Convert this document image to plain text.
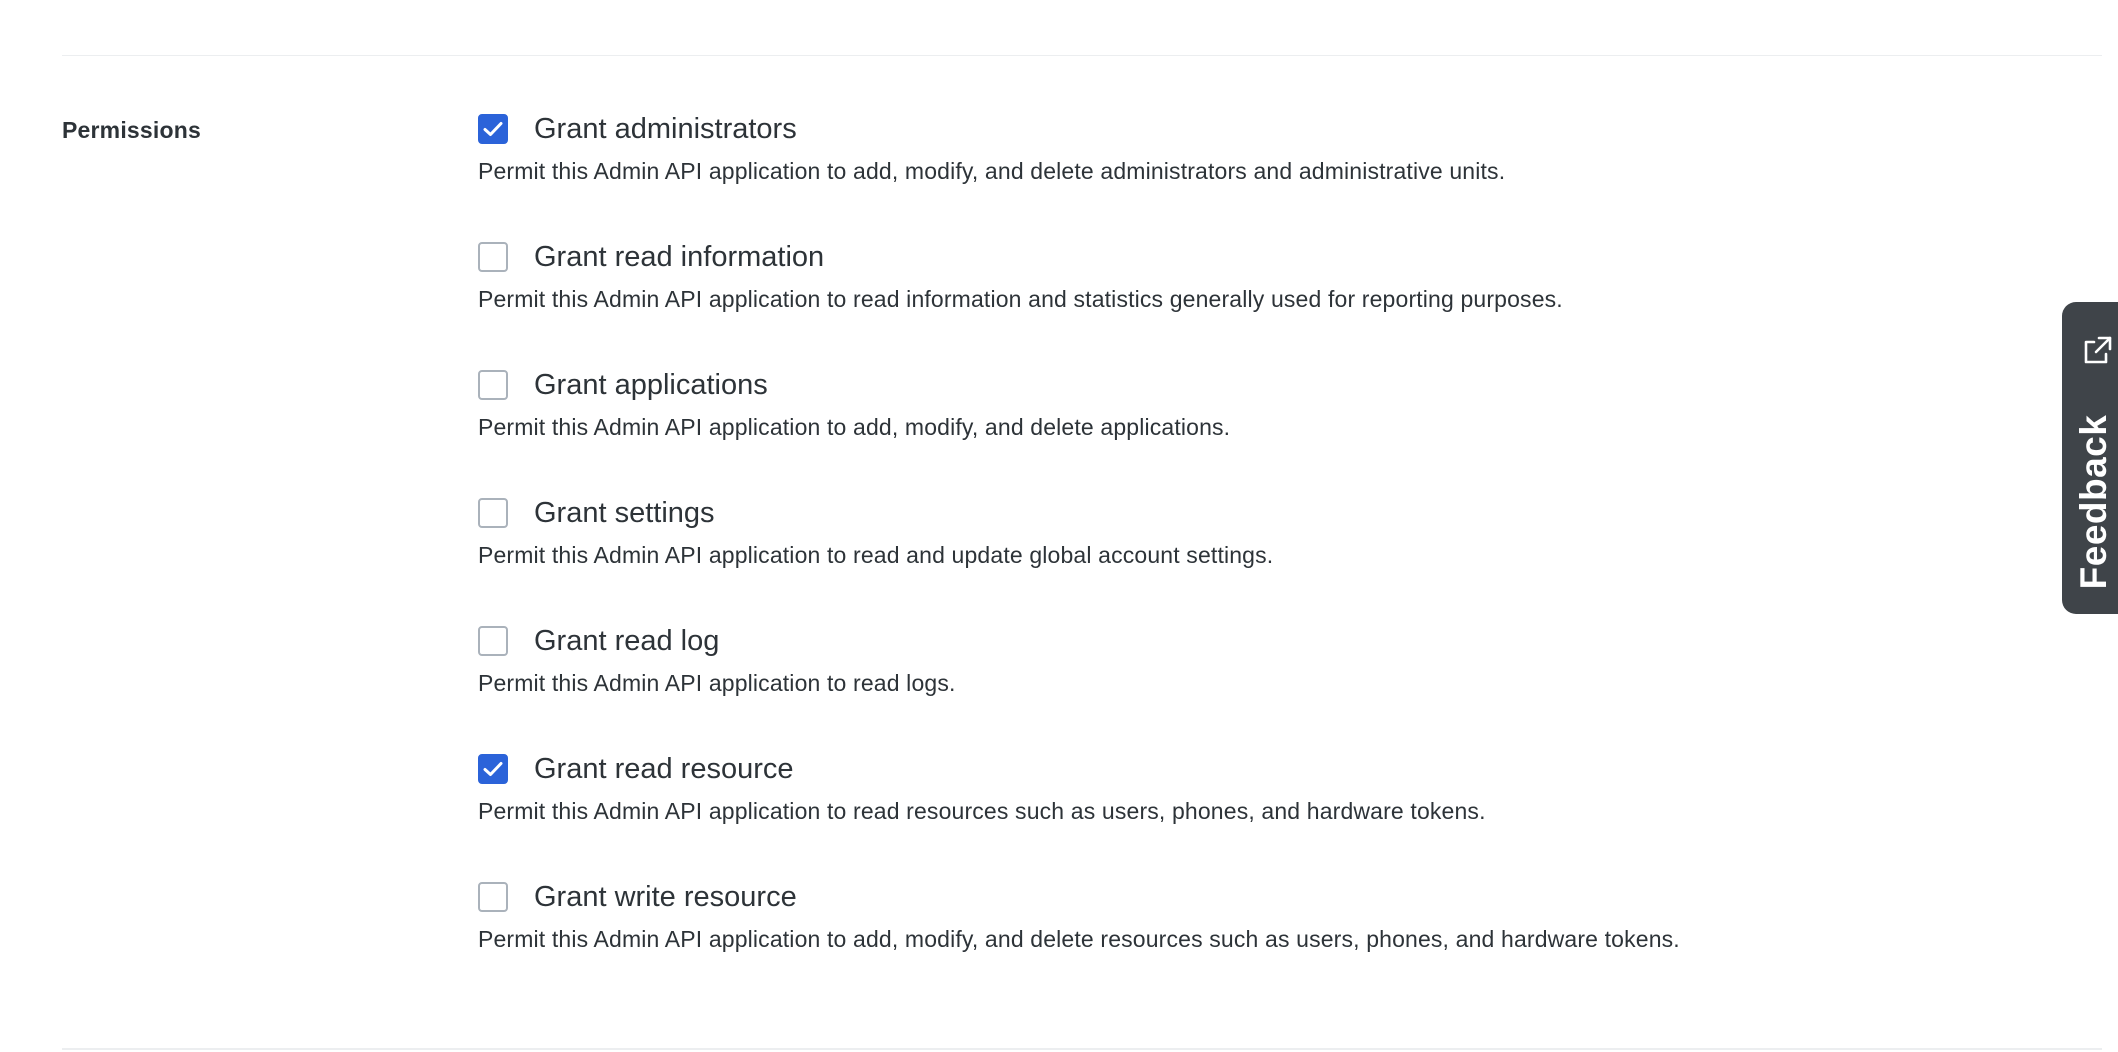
Permissions	Grant administrators
Permit this Admin API application to add, modify, and delete administrators and administrative units.
Grant read information
Permit this Admin API application to read information and statistics generally used for reporting purposes.
Grant applications
Permit this Admin API application to add, modify, and delete applications.
Grant settings
Permit this Admin API application to read and update global account settings.
Grant read log
Permit this Admin API application to read logs.
Grant read resource
Permit this Admin API application to read resources such as users, phones, and hardware tokens.
Grant write resource
Permit this Admin API application to add, modify, and delete resources such as users, phones, and hardware tokens.
Feedback
